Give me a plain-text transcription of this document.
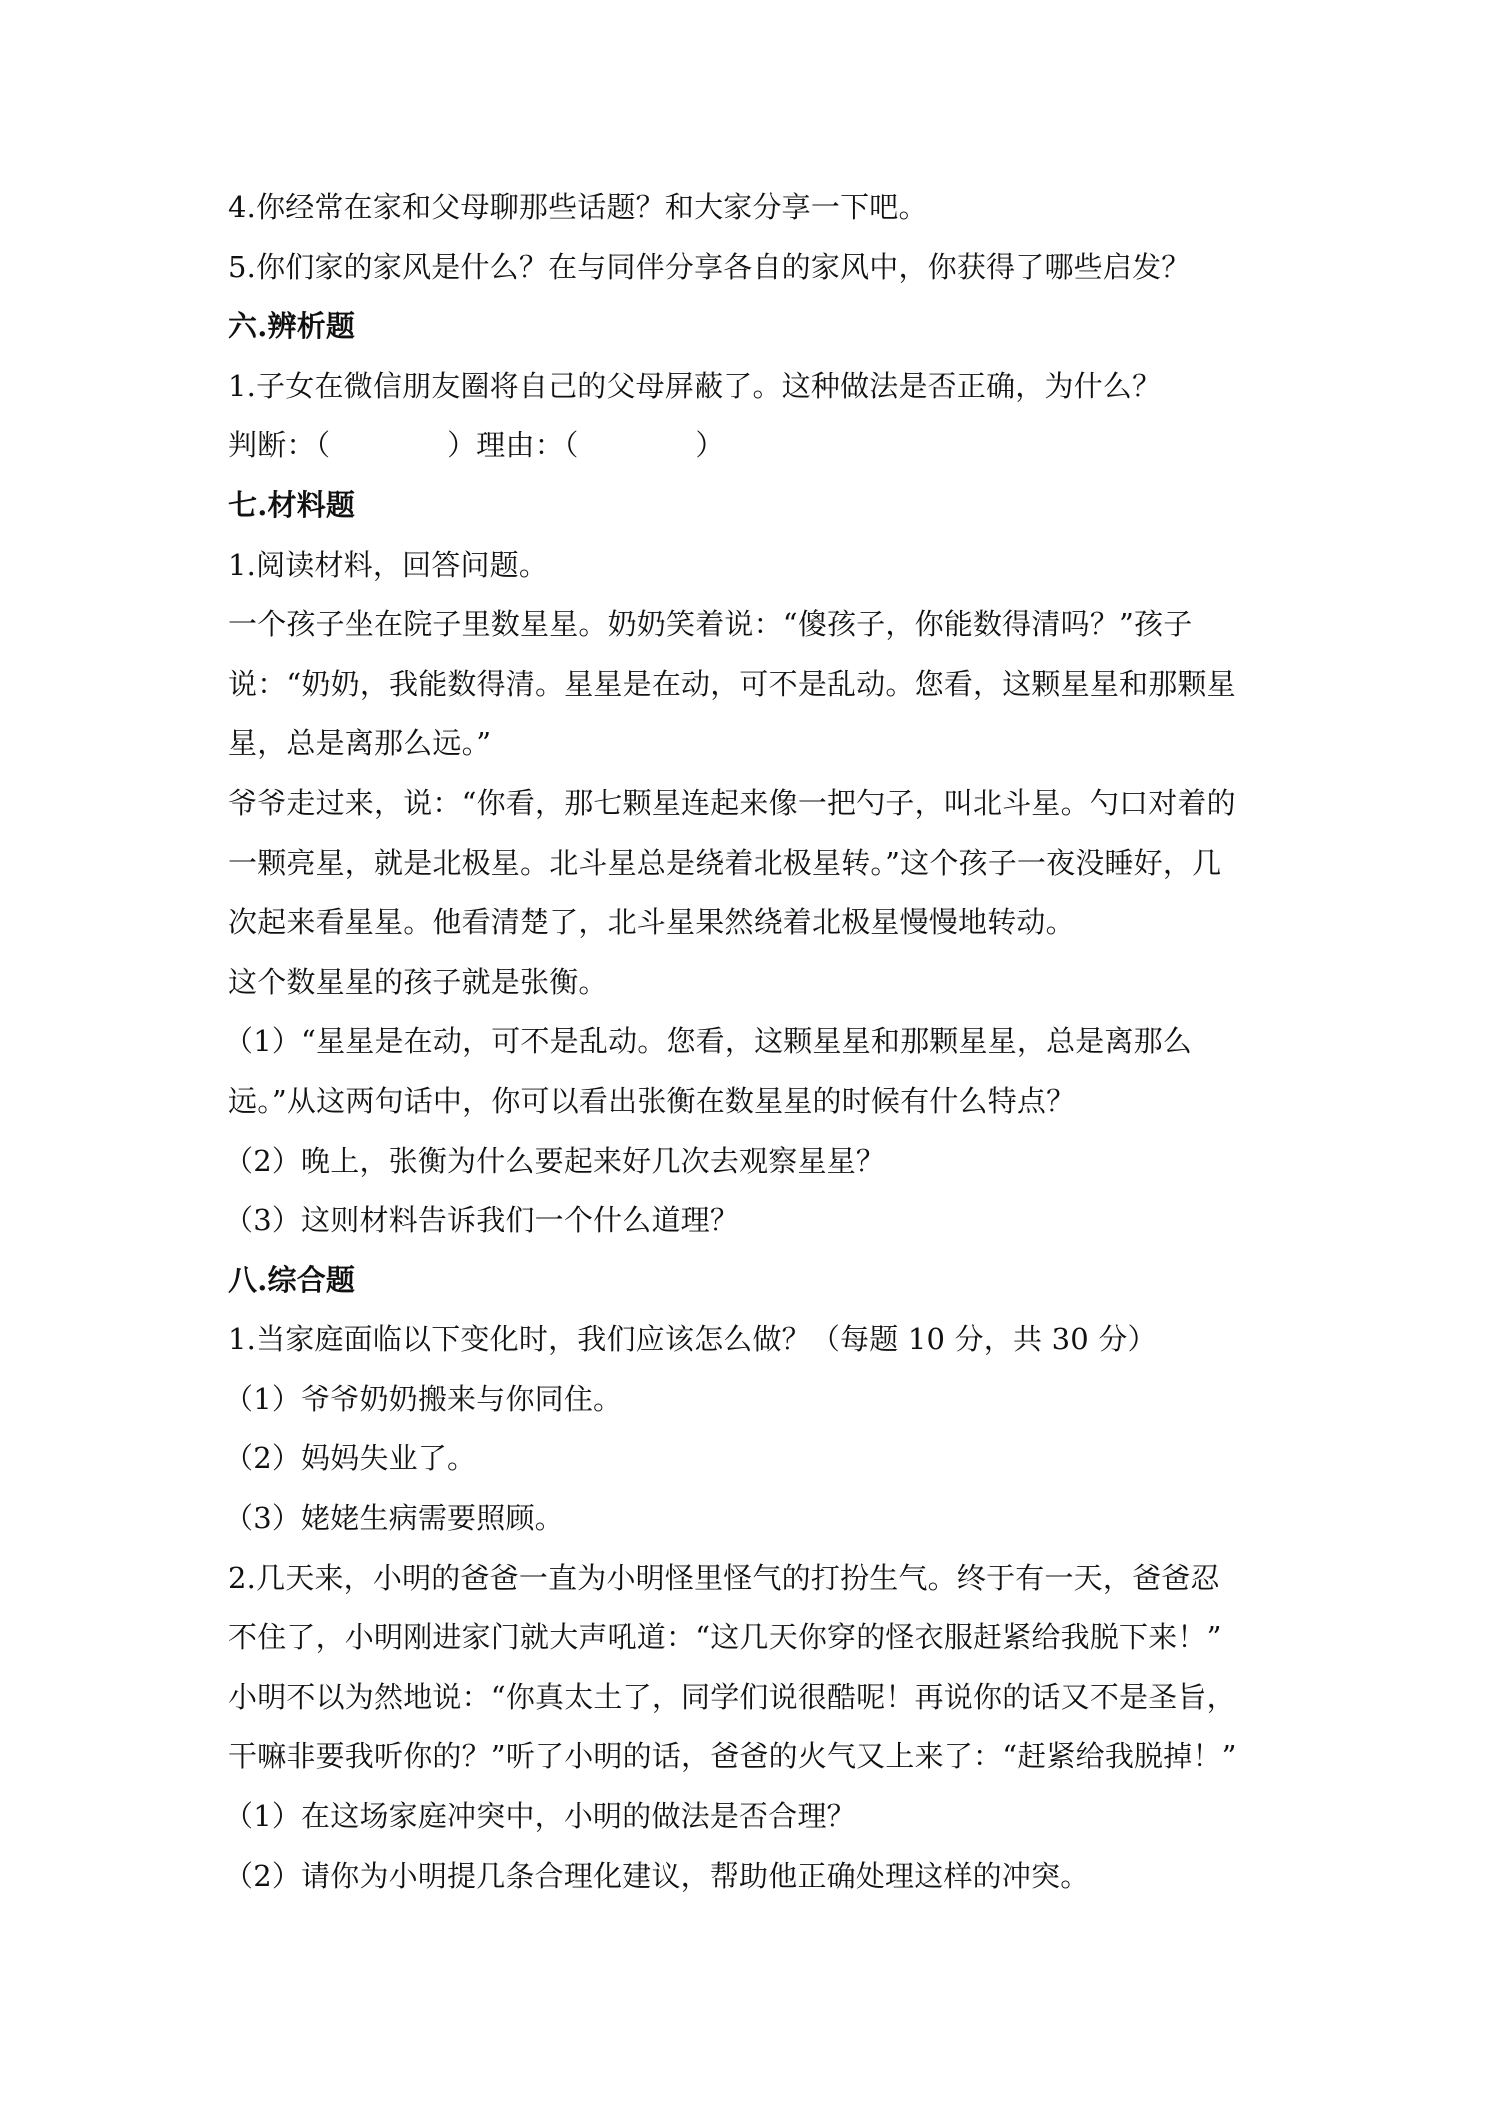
4.你经常在家和父母聊那些话题？和大家分享一下吧。
5.你们家的家风是什么？在与同伴分享各自的家风中，你获得了哪些启发？
六.辨析题
1.子女在微信朋友圈将自己的父母屏蔽了。这种做法是否正确，为什么？
判断：（　　　　）理由：（　　　　）
七.材料题
1.阅读材料，回答问题。
一个孩子坐在院子里数星星。奶奶笑着说：“傻孩子，你能数得清吗？”孩子
说：“奶奶，我能数得清。星星是在动，可不是乱动。您看，这颗星星和那颗星
星，总是离那么远。”
爷爷走过来，说：“你看，那七颗星连起来像一把勺子，叫北斗星。勺口对着的
一颗亮星，就是北极星。北斗星总是绕着北极星转。”这个孩子一夜没睡好，几
次起来看星星。他看清楚了，北斗星果然绕着北极星慢慢地转动。
这个数星星的孩子就是张衡。
（1）“星星是在动，可不是乱动。您看，这颗星星和那颗星星，总是离那么
远。”从这两句话中，你可以看出张衡在数星星的时候有什么特点？
（2）晚上，张衡为什么要起来好几次去观察星星？
（3）这则材料告诉我们一个什么道理？
八.综合题
1.当家庭面临以下变化时，我们应该怎么做？（每题 10 分，共 30 分）
（1）爷爷奶奶搬来与你同住。
（2）妈妈失业了。
（3）姥姥生病需要照顾。
2.几天来，小明的爸爸一直为小明怪里怪气的打扮生气。终于有一天，爸爸忍
不住了，小明刚进家门就大声吼道：“这几天你穿的怪衣服赶紧给我脱下来！”
小明不以为然地说：“你真太土了，同学们说很酷呢！再说你的话又不是圣旨，
干嘛非要我听你的？”听了小明的话，爸爸的火气又上来了：“赶紧给我脱掉！”
（1）在这场家庭冲突中，小明的做法是否合理？
（2）请你为小明提几条合理化建议，帮助他正确处理这样的冲突。
